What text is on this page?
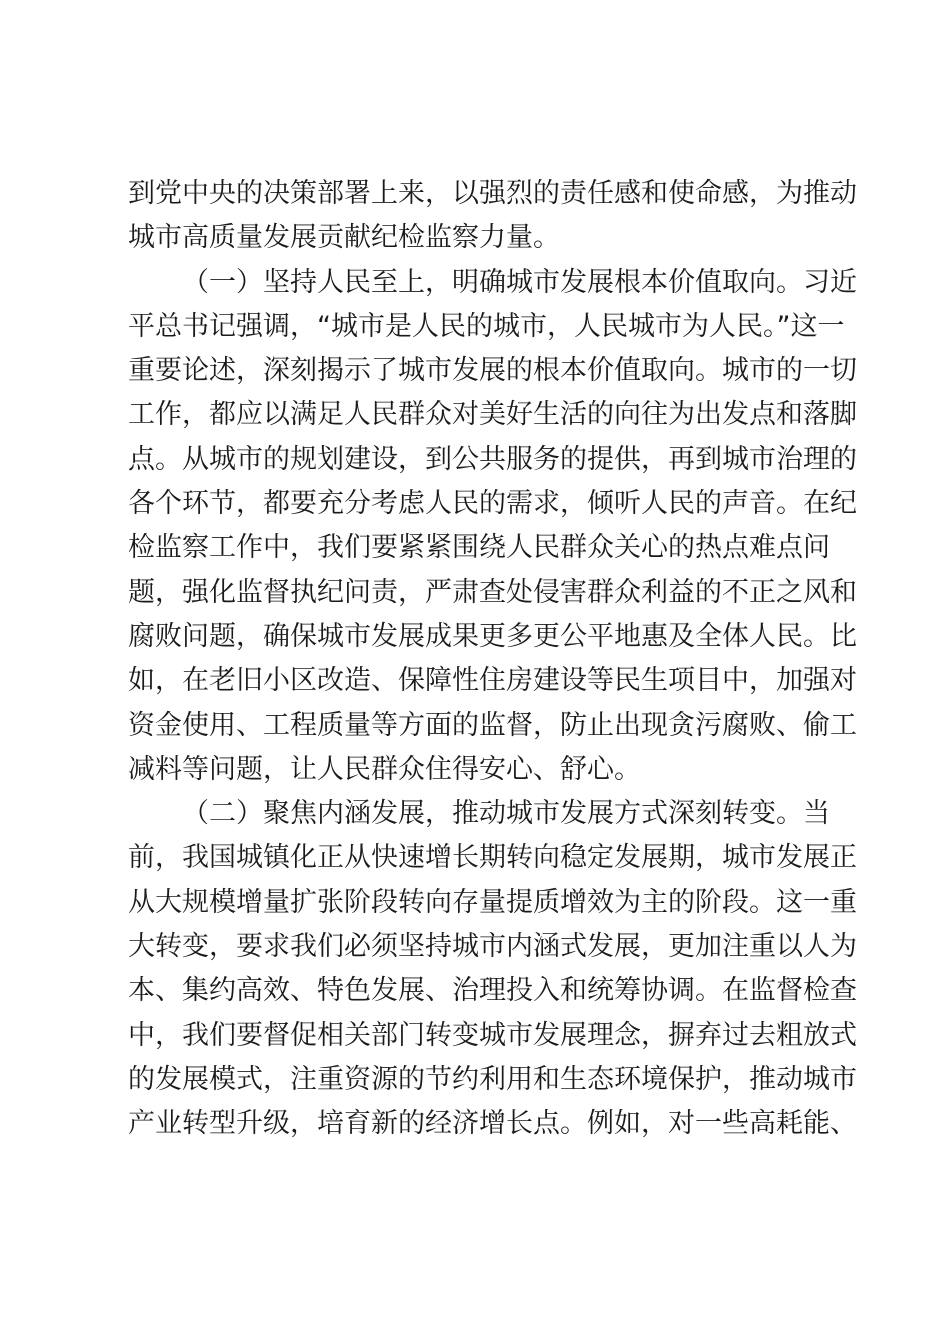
到党中央的决策部署上来，以强烈的责任感和使命感，为推动
城市高质量发展贡献纪检监察力量。
（一）坚持人民至上，明确城市发展根本价值取向。习近
平总书记强调，“城市是人民的城市，人民城市为人民。”这一
重要论述，深刻揭示了城市发展的根本价值取向。城市的一切
工作，都应以满足人民群众对美好生活的向往为出发点和落脚
点。从城市的规划建设，到公共服务的提供，再到城市治理的
各个环节，都要充分考虑人民的需求，倾听人民的声音。在纪
检监察工作中，我们要紧紧围绕人民群众关心的热点难点问
题，强化监督执纪问责，严肃查处侵害群众利益的不正之风和
腐败问题，确保城市发展成果更多更公平地惠及全体人民。比
如，在老旧小区改造、保障性住房建设等民生项目中，加强对
资金使用、工程质量等方面的监督，防止出现贪污腐败、偷工
减料等问题，让人民群众住得安心、舒心。
（二）聚焦内涵发展，推动城市发展方式深刻转变。当
前，我国城镇化正从快速增长期转向稳定发展期，城市发展正
从大规模增量扩张阶段转向存量提质增效为主的阶段。这一重
大转变，要求我们必须坚持城市内涵式发展，更加注重以人为
本、集约高效、特色发展、治理投入和统筹协调。在监督检查
中，我们要督促相关部门转变城市发展理念，摒弃过去粗放式
的发展模式，注重资源的节约利用和生态环境保护，推动城市
产业转型升级，培育新的经济增长点。例如，对一些高耗能、
